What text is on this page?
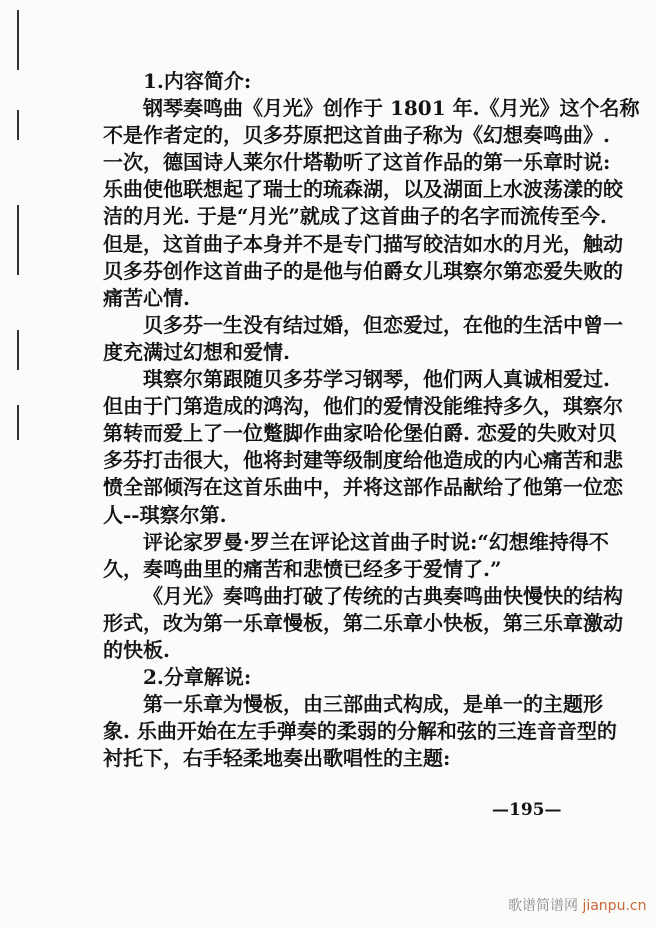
1.内容简介:
钢琴奏鸣曲《月光》创作于 1801 年.《月光》这个名称
不是作者定的，贝多芬原把这首曲子称为《幻想奏鸣曲》.
一次，德国诗人莱尔什塔勒听了这首作品的第一乐章时说:
乐曲使他联想起了瑞士的琉森湖，以及湖面上水波荡漾的皎
洁的月光. 于是“月光”就成了这首曲子的名字而流传至今.
但是，这首曲子本身并不是专门描写皎洁如水的月光，触动
贝多芬创作这首曲子的是他与伯爵女儿琪察尔第恋爱失败的
痛苦心情.
贝多芬一生没有结过婚，但恋爱过，在他的生活中曾一
度充满过幻想和爱情.
琪察尔第跟随贝多芬学习钢琴，他们两人真诚相爱过.
但由于门第造成的鸿沟，他们的爱情没能维持多久，琪察尔
第转而爱上了一位蹩脚作曲家哈伦堡伯爵. 恋爱的失败对贝
多芬打击很大，他将封建等级制度给他造成的内心痛苦和悲
愤全部倾泻在这首乐曲中，并将这部作品献给了他第一位恋
人--琪察尔第.
评论家罗曼·罗兰在评论这首曲子时说:“幻想维持得不
久，奏鸣曲里的痛苦和悲愤已经多于爱情了.”
《月光》奏鸣曲打破了传统的古典奏鸣曲快慢快的结构
形式，改为第一乐章慢板，第二乐章小快板，第三乐章激动
的快板.
2.分章解说:
第一乐章为慢板，由三部曲式构成，是单一的主题形
象. 乐曲开始在左手弹奏的柔弱的分解和弦的三连音音型的
衬托下，右手轻柔地奏出歌唱性的主题:
—195—
歌谱简谱网 jianpu.cn
